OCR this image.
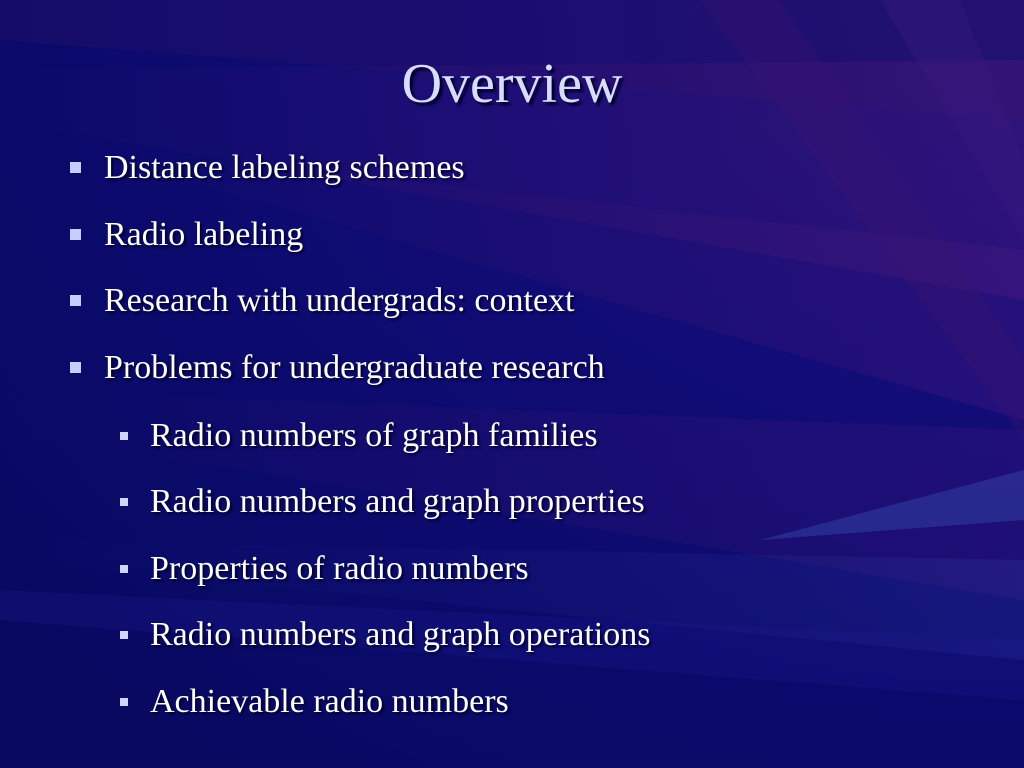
Overview
Distance labeling schemes
Radio labeling
Research with undergrads: context
Problems for undergraduate research
Radio numbers of graph families
Radio numbers and graph properties
Properties of radio numbers
Radio numbers and graph operations
Achievable radio numbers
